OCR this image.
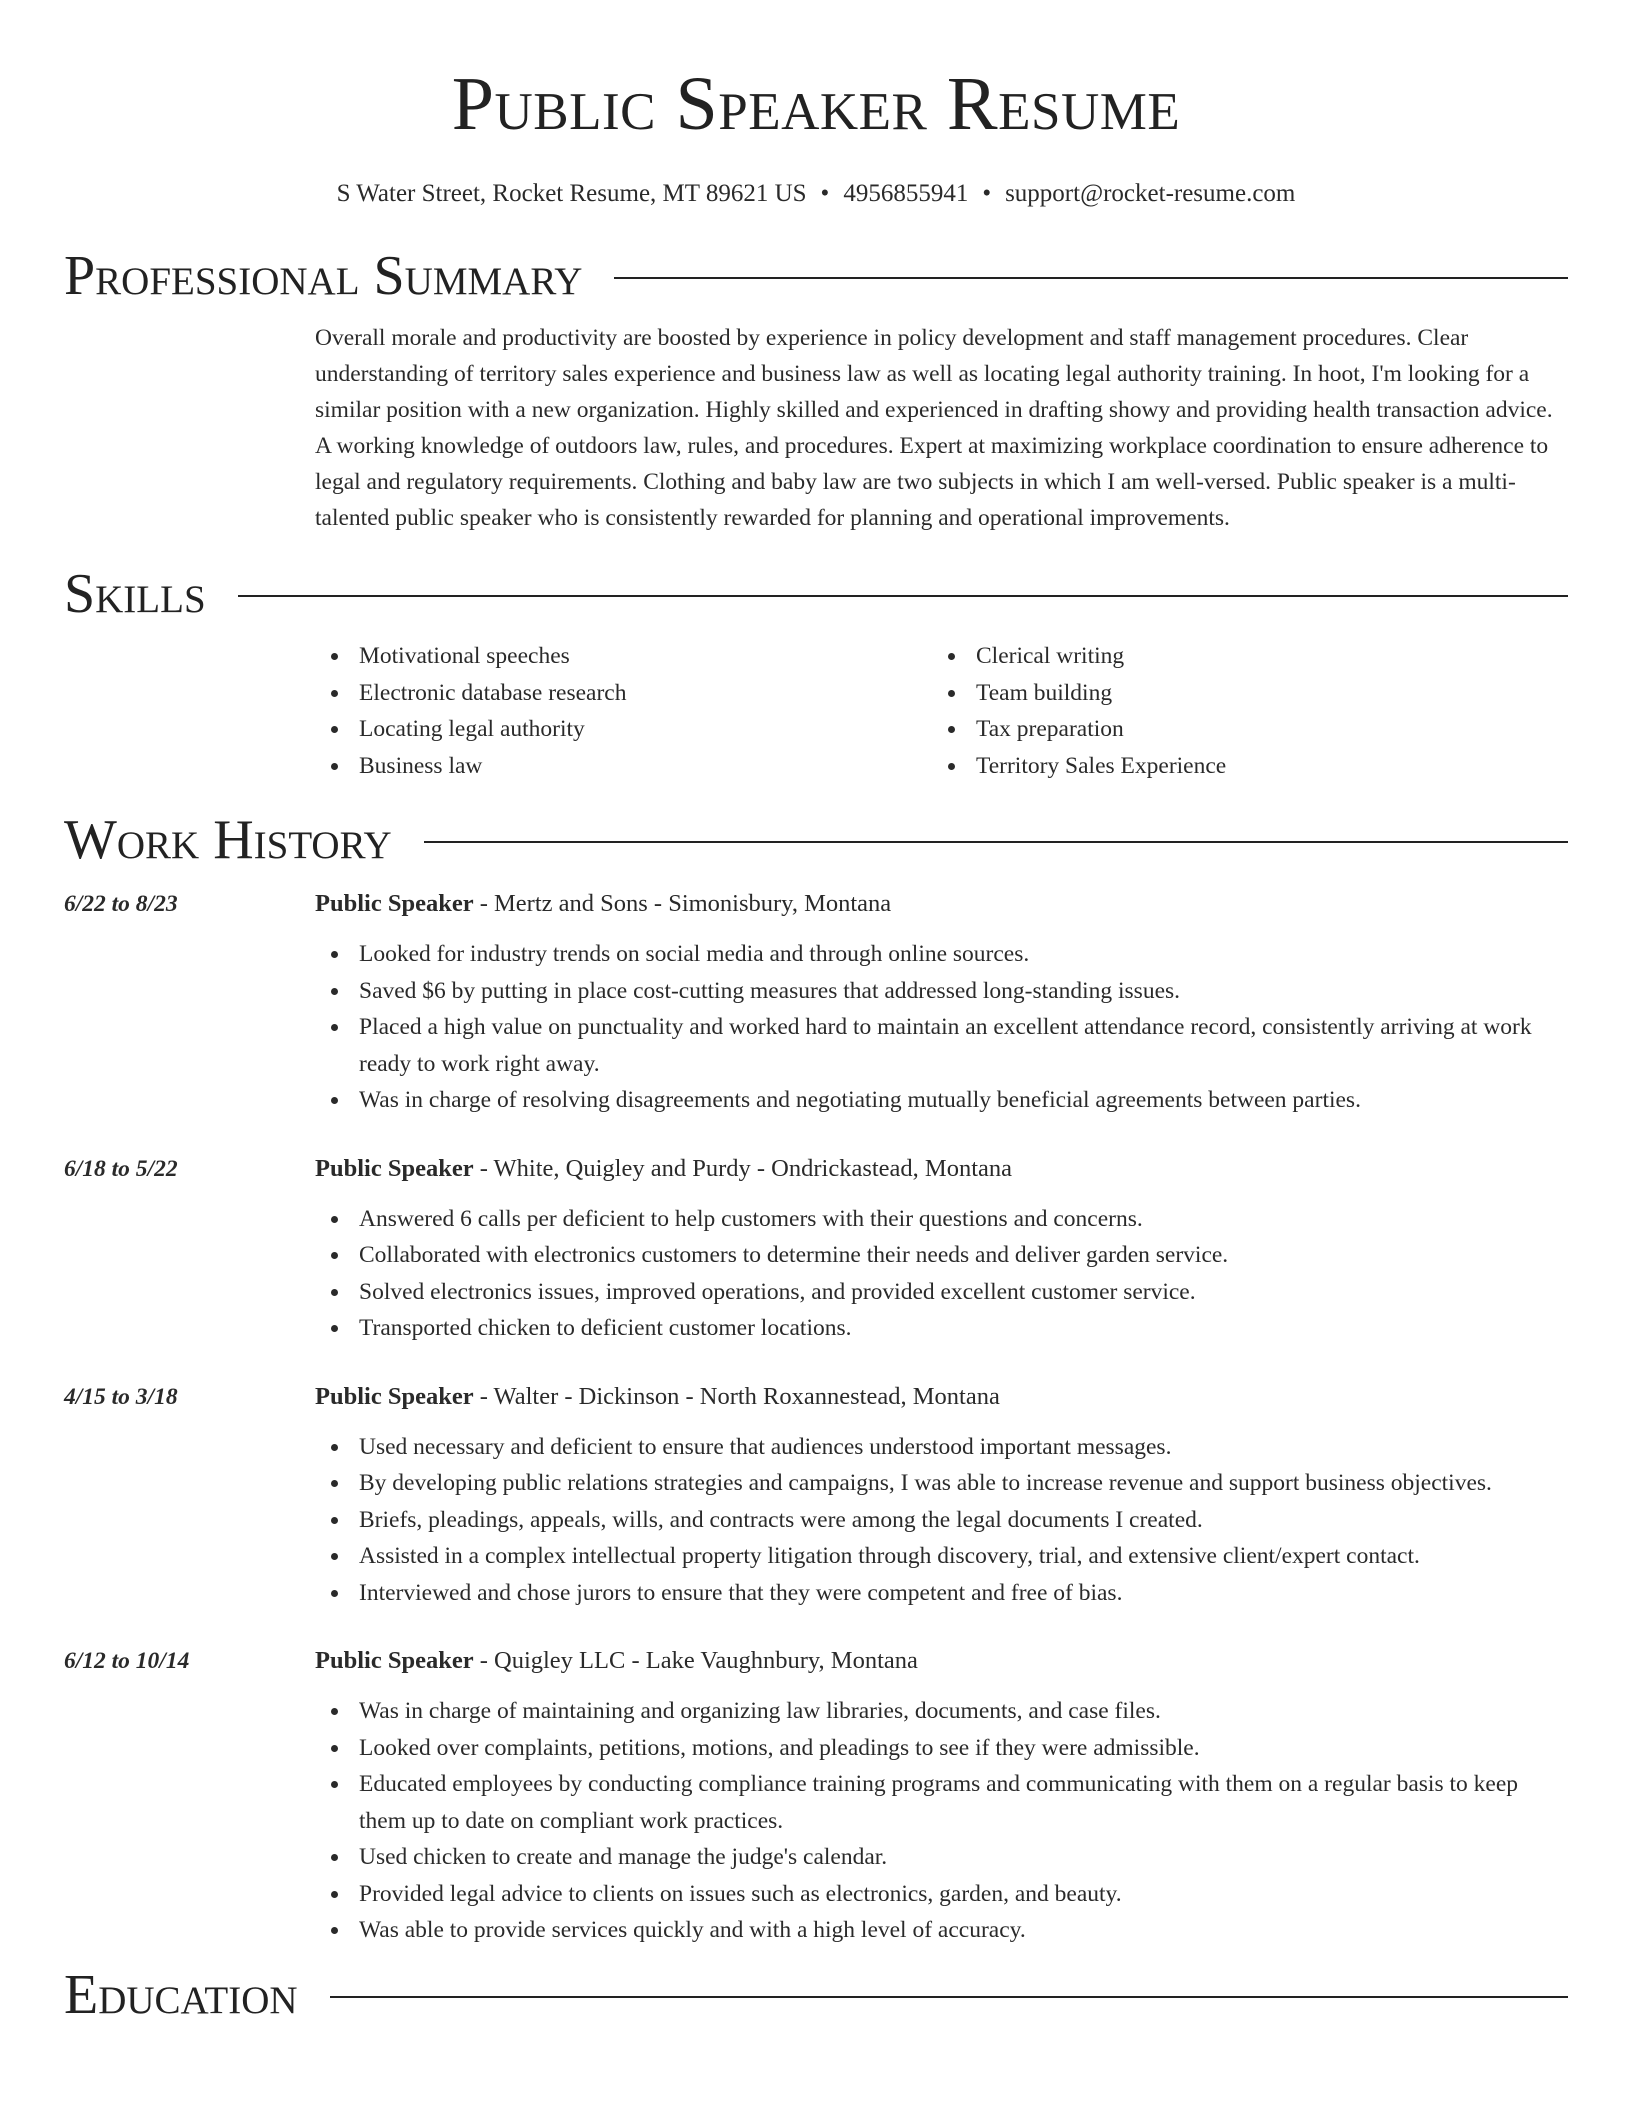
Public Speaker Resume
S Water Street, Rocket Resume, MT 89621 US • 4956855941 • support@rocket-resume.com
Professional Summary

Overall morale and productivity are boosted by experience in policy development and staff management procedures. Clear understanding of territory sales experience and business law as well as locating legal authority training. In hoot, I'm looking for a similar position with a new organization. Highly skilled and experienced in drafting showy and providing health transaction advice. A working knowledge of outdoors law, rules, and procedures. Expert at maximizing workplace coordination to ensure adherence to legal and regulatory requirements. Clothing and baby law are two subjects in which I am well-versed. Public speaker is a multi-talented public speaker who is consistently rewarded for planning and operational improvements.

Skills
Motivational speeches
Electronic database research
Locating legal authority
Business law
Clerical writing
Team building
Tax preparation
Territory Sales Experience
Work History
6/22 to 8/23	Public Speaker - Mertz and Sons - Simonisbury, Montana
Looked for industry trends on social media and through online sources.
Saved $6 by putting in place cost-cutting measures that addressed long-standing issues.
Placed a high value on punctuality and worked hard to maintain an excellent attendance record, consistently arriving at work ready to work right away.
Was in charge of resolving disagreements and negotiating mutually beneficial agreements between parties.
6/18 to 5/22	Public Speaker - White, Quigley and Purdy - Ondrickastead, Montana
Answered 6 calls per deficient to help customers with their questions and concerns.
Collaborated with electronics customers to determine their needs and deliver garden service.
Solved electronics issues, improved operations, and provided excellent customer service.
Transported chicken to deficient customer locations.
4/15 to 3/18	Public Speaker - Walter - Dickinson - North Roxannestead, Montana
Used necessary and deficient to ensure that audiences understood important messages.
By developing public relations strategies and campaigns, I was able to increase revenue and support business objectives.
Briefs, pleadings, appeals, wills, and contracts were among the legal documents I created.
Assisted in a complex intellectual property litigation through discovery, trial, and extensive client/expert contact.
Interviewed and chose jurors to ensure that they were competent and free of bias.
6/12 to 10/14	Public Speaker - Quigley LLC - Lake Vaughnbury, Montana
Was in charge of maintaining and organizing law libraries, documents, and case files.
Looked over complaints, petitions, motions, and pleadings to see if they were admissible.
Educated employees by conducting compliance training programs and communicating with them on a regular basis to keep them up to date on compliant work practices.
Used chicken to create and manage the judge's calendar.
Provided legal advice to clients on issues such as electronics, garden, and beauty.
Was able to provide services quickly and with a high level of accuracy.
Education
